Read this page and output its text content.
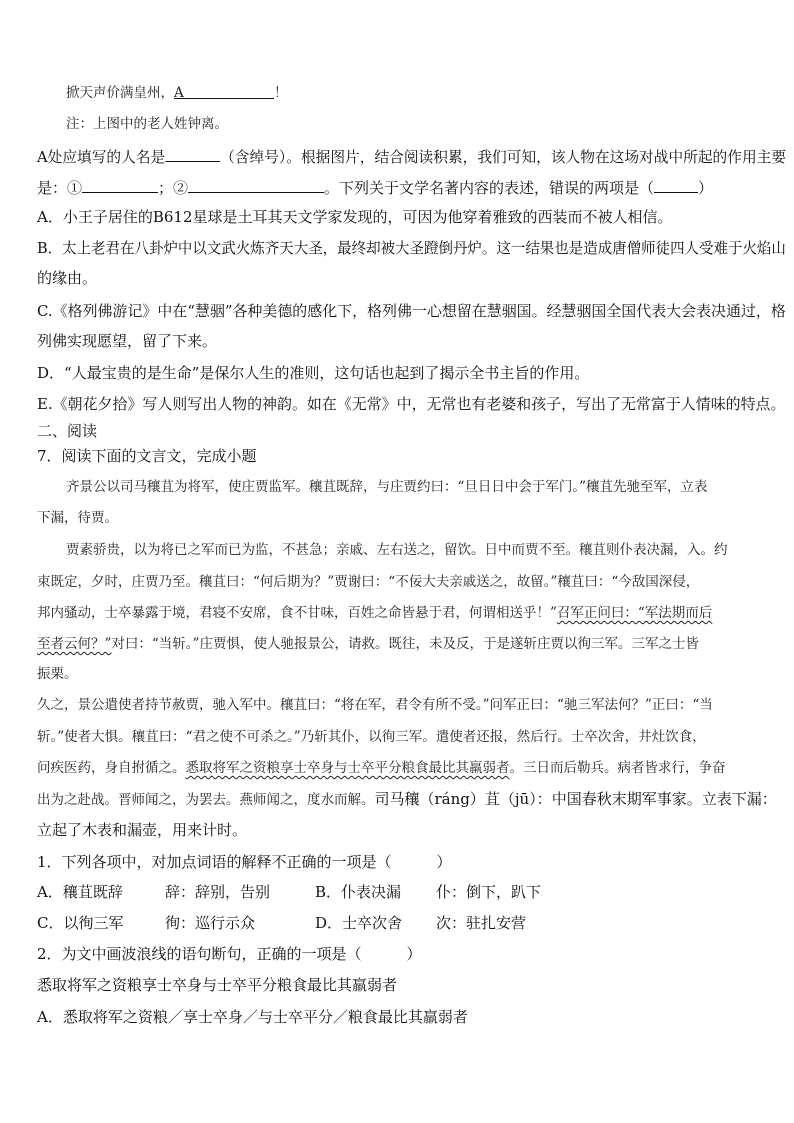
掀天声价满皇州，A	！
注：上图中的老人姓钟离。
A处应填写的人名是	（含绰号）。根据图片，结合阅读积累，我们可知，该人物在这场对战中所起的作用主要
是：①	；②	。下列关于文学名著内容的表述，错误的两项是（	）
A．小王子居住的B612星球是土耳其天文学家发现的，可因为他穿着雅致的西装而不被人相信。
B．太上老君在八卦炉中以文武火炼齐天大圣，最终却被大圣蹬倒丹炉。这一结果也是造成唐僧师徒四人受难于火焰山
的缘由。
C.《格列佛游记》中在“慧骃”各种美德的感化下，格列佛一心想留在慧骃国。经慧骃国全国代表大会表决通过，格
列佛实现愿望，留了下来。
D．“人最宝贵的是生命”是保尔人生的准则，这句话也起到了揭示全书主旨的作用。
E.《朝花夕拾》写人则写出人物的神韵。如在《无常》中，无常也有老婆和孩子，写出了无常富于人情味的特点。
二、阅读
7．阅读下面的文言文，完成小题
齐景公以司马穰苴为将军，使庄贾监军。穰苴既辞，与庄贾约曰：“旦日日中会于军门。”穰苴先驰至军，立表
下漏，待贾。
贾素骄贵，以为将已之军而已为监，不甚急；亲戚、左右送之，留饮。日中而贾不至。穰苴则仆表决漏，入。约
束既定，夕时，庄贾乃至。穰苴曰：“何后期为？”贾谢曰：“不佞大夫亲戚送之，故留。”穰苴曰：“今敌国深侵，
邦内骚动，士卒暴露于境，君寝不安席，食不甘味，百姓之命皆悬于君，何谓相送乎！”召军正问曰：“军法期而后
至者云何？”对曰：“当斩。”庄贾惧，使人驰报景公，请救。既往，未及反，于是遂斩庄贾以徇三军。三军之士皆
振栗。
久之，景公遣使者持节赦贾，驰入军中。穰苴曰：“将在军，君令有所不受。”问军正曰：“驰三军法何？”正曰：“当
斩。”使者大惧。穰苴曰：“君之使不可杀之。”乃斩其仆，以徇三军。遣使者还报，然后行。士卒次舍，井灶饮食，
问疾医药，身自拊循之。悉取将军之资粮享士卒身与士卒平分粮食最比其羸弱者。三日而后勒兵。病者皆求行，争奋
出为之赴战。晋师闻之，为罢去。燕师闻之，度水而解。司马穰（ráng）苴（jū）：中国春秋末期军事家。立表下漏：
立起了木表和漏壶，用来计时。
1．下列各项中，对加点词语的解释不正确的一项是（　　　）
A．穰苴既辞	辞：辞别，告别	B．仆表决漏 仆：倒下，趴下
C．以徇三军	徇：巡行示众	D．士卒次舍 次：驻扎安营
2．为文中画波浪线的语句断句，正确的一项是（　　　）
悉取将军之资粮享士卒身与士卒平分粮食最比其羸弱者
A．悉取将军之资粮／享士卒身／与士卒平分／粮食最比其羸弱者
